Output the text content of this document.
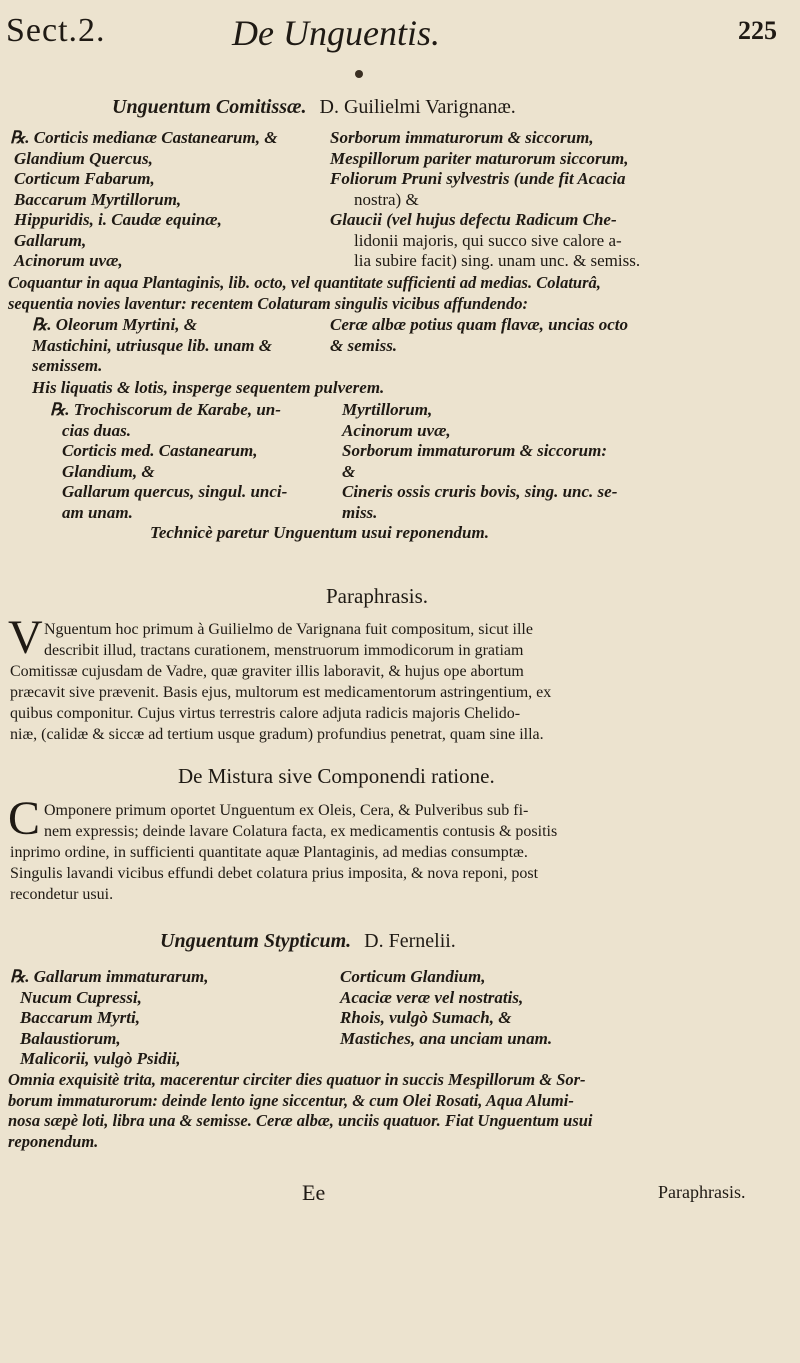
Sect.2.	De Unguentis.	225
Unguentum Comitissæ. D. Guilielmi Varignanæ.
℞. Corticis medianæ Castanearum, &
Glandium Quercus,
Corticum Fabarum,
Baccarum Myrtillorum,
Hippuridis, i. Caudæ equinæ,
Gallarum,
Acinorum uvæ,
Sorborum immaturorum & siccorum,
Mespillorum pariter maturorum siccorum,
Foliorum Pruni sylvestris (unde fit Acacia
nostra) &
Glaucii (vel hujus defectu Radicum Che-
lidonii majoris, qui succo sive calore a-
lia subire facit) sing. unam unc. & semiss.
Coquantur in aqua Plantaginis, lib. octo, vel quantitate sufficienti ad medias. Colaturâ,
sequentia novies laventur: recentem Colaturam singulis vicibus affundendo:
℞. Oleorum Myrtini, &
Mastichini, utriusque lib. unam &
semissem.
Ceræ albæ potius quam flavæ, uncias octo
& semiss.
His liquatis & lotis, insperge sequentem pulverem.
℞. Trochiscorum de Karabe, un-
cias duas.
Corticis med. Castanearum,
Glandium, &
Gallarum quercus, singul. unci-
am unam.
Myrtillorum,
Acinorum uvæ,
Sorborum immaturorum & siccorum:
&
Cineris ossis cruris bovis, sing. unc. se-
miss.
Technicè paretur Unguentum usui reponendum.
Paraphrasis.
V Nguentum hoc primum à Guilielmo de Varignana fuit compositum, sicut ille
describit illud, tractans curationem, menstruorum immodicorum in gratiam
Comitissæ cujusdam de Vadre, quæ graviter illis laboravit, & hujus ope abortum
præcavit sive prævenit. Basis ejus, multorum est medicamentorum astringentium, ex
quibus componitur. Cujus virtus terrestris calore adjuta radicis majoris Chelido-
niæ, (calidæ & siccæ ad tertium usque gradum) profundius penetrat, quam sine illa.
De Mistura sive Componendi ratione.
C Omponere primum oportet Unguentum ex Oleis, Cera, & Pulveribus sub fi-
nem expressis; deinde lavare Colatura facta, ex medicamentis contusis & positis
inprimo ordine, in sufficienti quantitate aquæ Plantaginis, ad medias consumptæ.
Singulis lavandi vicibus effundi debet colatura prius imposita, & nova reponi, post
recondetur usui.
Unguentum Stypticum. D. Fernelii.
℞. Gallarum immaturarum,
Nucum Cupressi,
Baccarum Myrti,
Balaustiorum,
Malicorii, vulgò Psidii,
Corticum Glandium,
Acaciæ veræ vel nostratis,
Rhois, vulgò Sumach, &
Mastiches, ana unciam unam.
Omnia exquisitè trita, macerentur circiter dies quatuor in succis Mespillorum & Sor-
borum immaturorum: deinde lento igne siccentur, & cum Olei Rosati, Aqua Alumi-
nosa sæpè loti, libra una & semisse. Ceræ albæ, unciis quatuor. Fiat Unguentum usui
reponendum.
Ee	Paraphrasis.
